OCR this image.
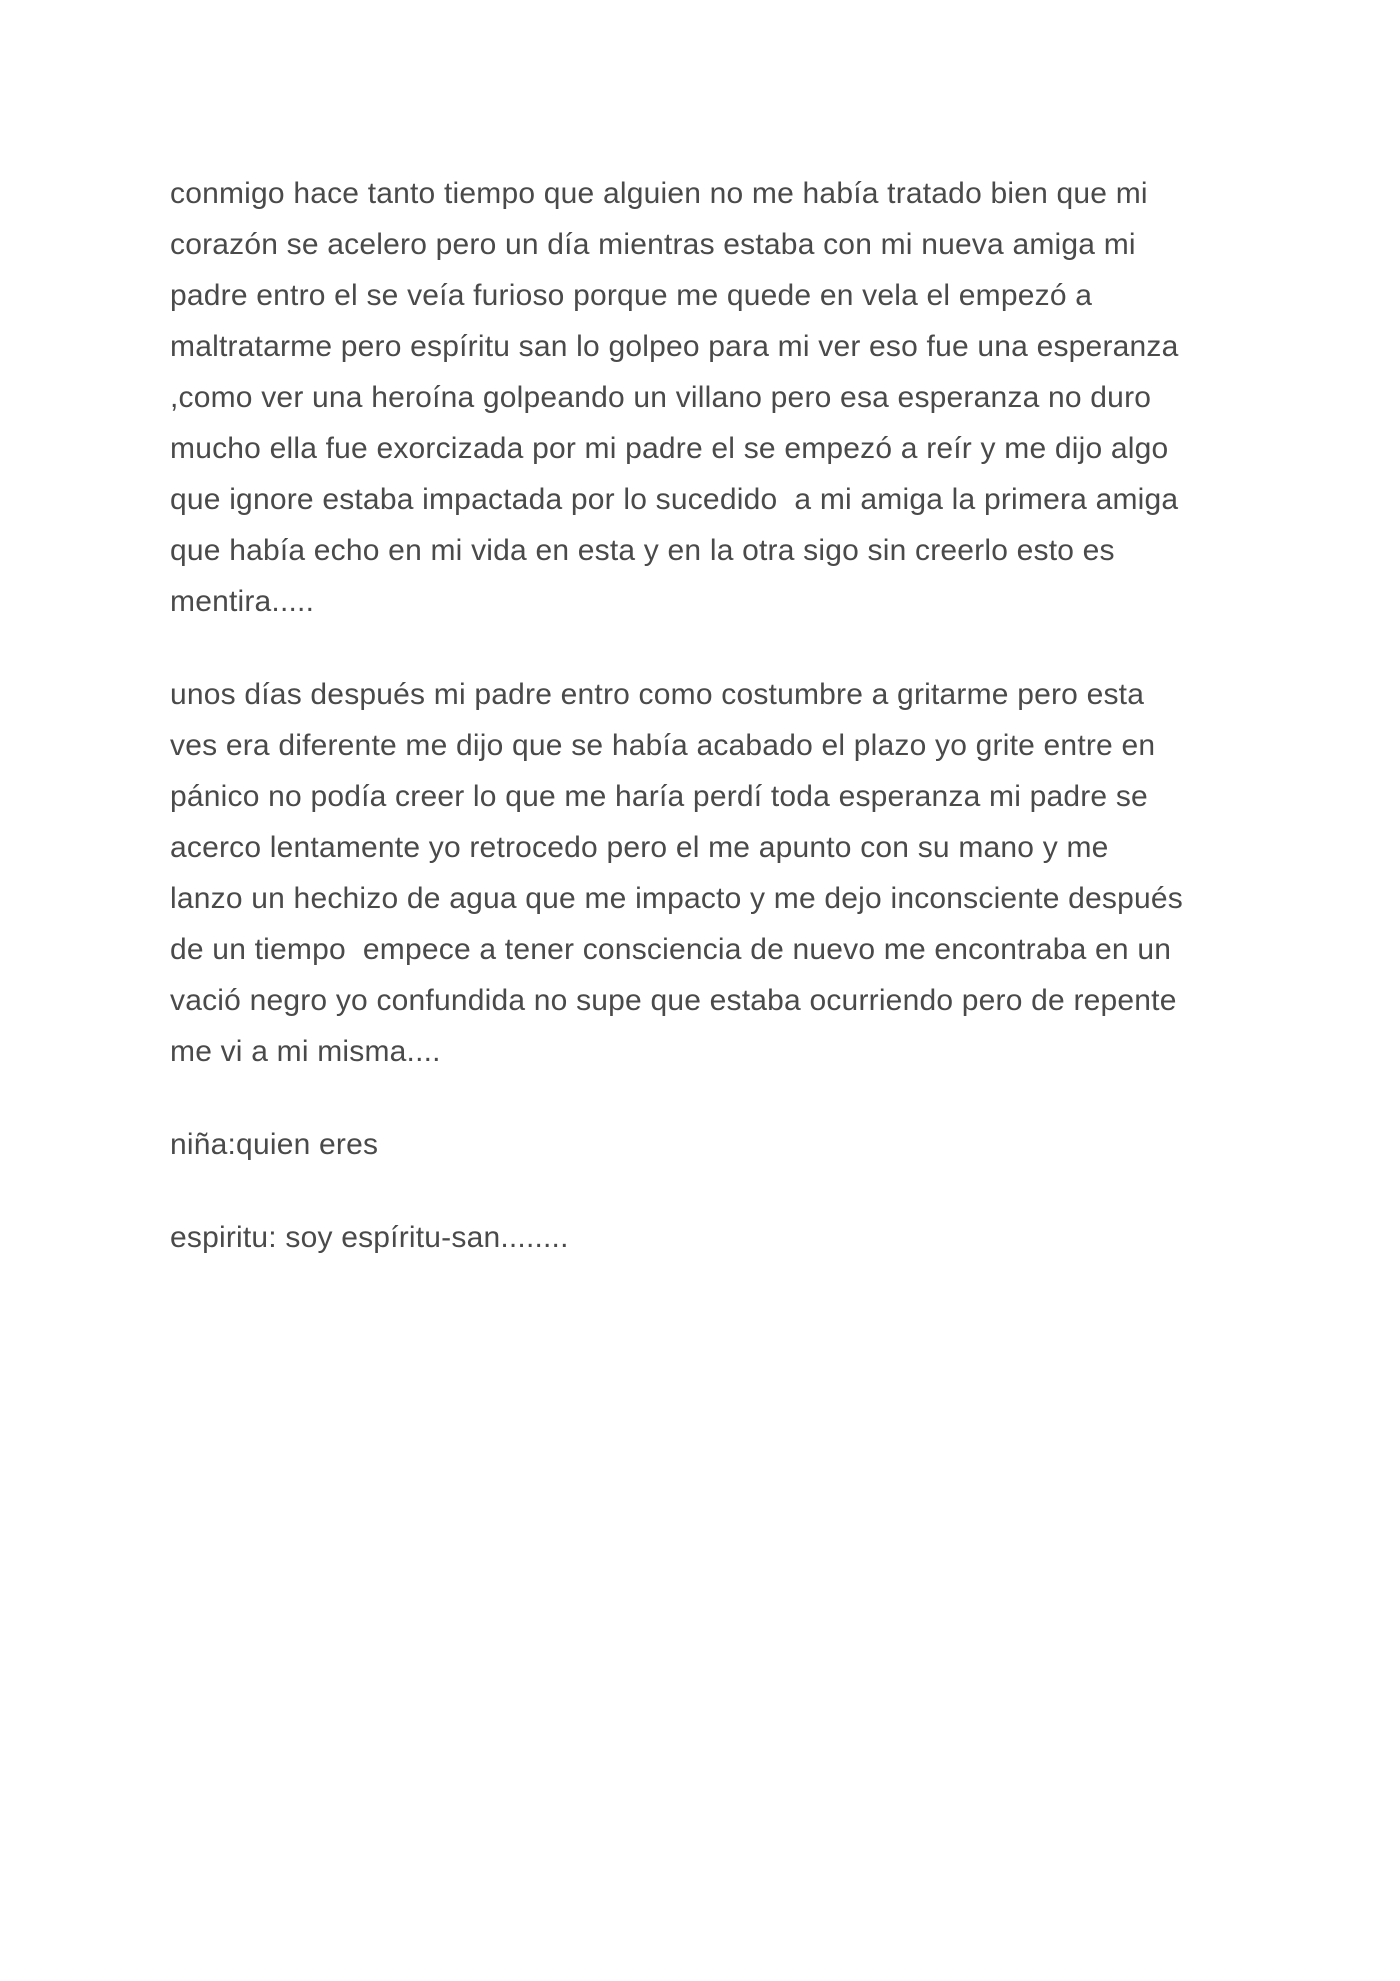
conmigo hace tanto tiempo que alguien no me había tratado bien que mi
corazón se acelero pero un día mientras estaba con mi nueva amiga mi
padre entro el se veía furioso porque me quede en vela el empezó a
maltratarme pero espíritu san lo golpeo para mi ver eso fue una esperanza
,como ver una heroína golpeando un villano pero esa esperanza no duro
mucho ella fue exorcizada por mi padre el se empezó a reír y me dijo algo
que ignore estaba impactada por lo sucedido  a mi amiga la primera amiga
que había echo en mi vida en esta y en la otra sigo sin creerlo esto es
mentira.....

unos días después mi padre entro como costumbre a gritarme pero esta
ves era diferente me dijo que se había acabado el plazo yo grite entre en
pánico no podía creer lo que me haría perdí toda esperanza mi padre se
acerco lentamente yo retrocedo pero el me apunto con su mano y me
lanzo un hechizo de agua que me impacto y me dejo inconsciente después
de un tiempo  empece a tener consciencia de nuevo me encontraba en un
vació negro yo confundida no supe que estaba ocurriendo pero de repente
me vi a mi misma....

niña:quien eres

espiritu: soy espíritu-san........
